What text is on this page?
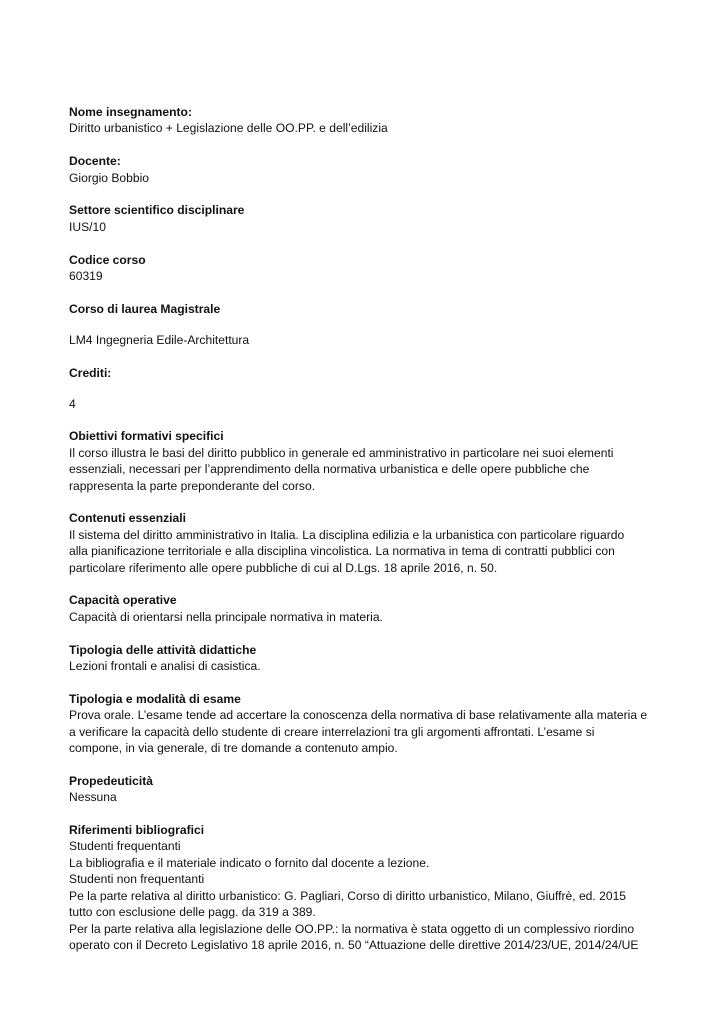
Nome insegnamento:

Diritto urbanistico + Legislazione delle OO.PP. e dell’edilizia

Docente:

Giorgio Bobbio

Settore scientifico disciplinare

IUS/10

Codice corso

60319

Corso di laurea Magistrale

LM4 Ingegneria Edile-Architettura

Crediti:

4

Obiettivi formativi specifici

Il corso illustra le basi del diritto pubblico in generale ed amministrativo in particolare nei suoi elementi

essenziali, necessari per l’apprendimento della normativa urbanistica e delle opere pubbliche che

rappresenta la parte preponderante del corso.

Contenuti essenziali

Il sistema del diritto amministrativo in Italia. La disciplina edilizia e la urbanistica con particolare riguardo

alla pianificazione territoriale e alla disciplina vincolistica. La normativa in tema di contratti pubblici con

particolare riferimento alle opere pubbliche di cui al D.Lgs. 18 aprile 2016, n. 50.

Capacità operative

Capacità di orientarsi nella principale normativa in materia.

Tipologia delle attività didattiche

Lezioni frontali e analisi di casistica.

Tipologia e modalità di esame

Prova orale. L’esame tende ad accertare la conoscenza della normativa di base relativamente alla materia e

a verificare la capacità dello studente di creare interrelazioni tra gli argomenti affrontati. L’esame si

compone, in via generale, di tre domande a contenuto ampio.

Propedeuticità

Nessuna

Riferimenti bibliografici

Studenti frequentanti

La bibliografia e il materiale indicato o fornito dal docente a lezione.

Studenti non frequentanti

Pe la parte relativa al diritto urbanistico: G. Pagliari, Corso di diritto urbanistico, Milano, Giuffrè, ed. 2015

tutto con esclusione delle pagg. da 319 a 389.

Per la parte relativa alla legislazione delle OO.PP.: la normativa è stata oggetto di un complessivo riordino

operato con il Decreto Legislativo 18 aprile 2016, n. 50 “Attuazione delle direttive 2014/23/UE, 2014/24/UE
